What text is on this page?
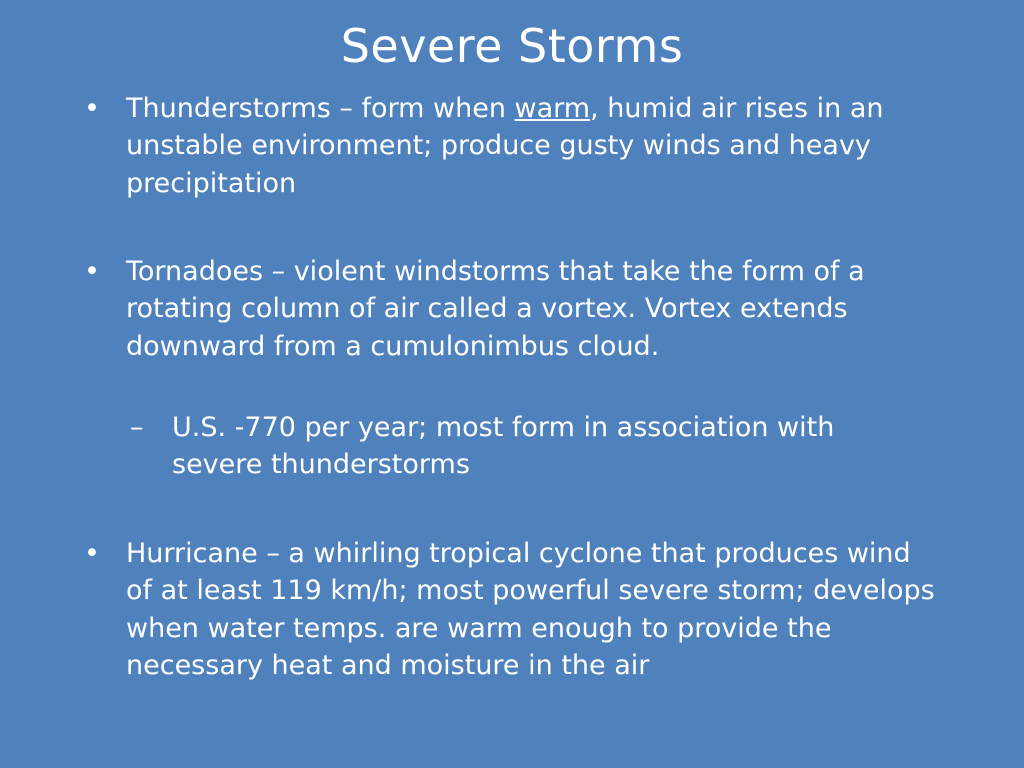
Severe Storms
• Thunderstorms – form when warm, humid air rises in an unstable environment; produce gusty winds and heavy precipitation
• Tornadoes – violent windstorms that take the form of a rotating column of air called a vortex. Vortex extends downward from a cumulonimbus cloud.
–	U.S. -770 per year; most form in association with severe thunderstorms
• Hurricane – a whirling tropical cyclone that produces wind of at least 119 km/h; most powerful severe storm; develops when water temps. are warm enough to provide the necessary heat and moisture in the air
